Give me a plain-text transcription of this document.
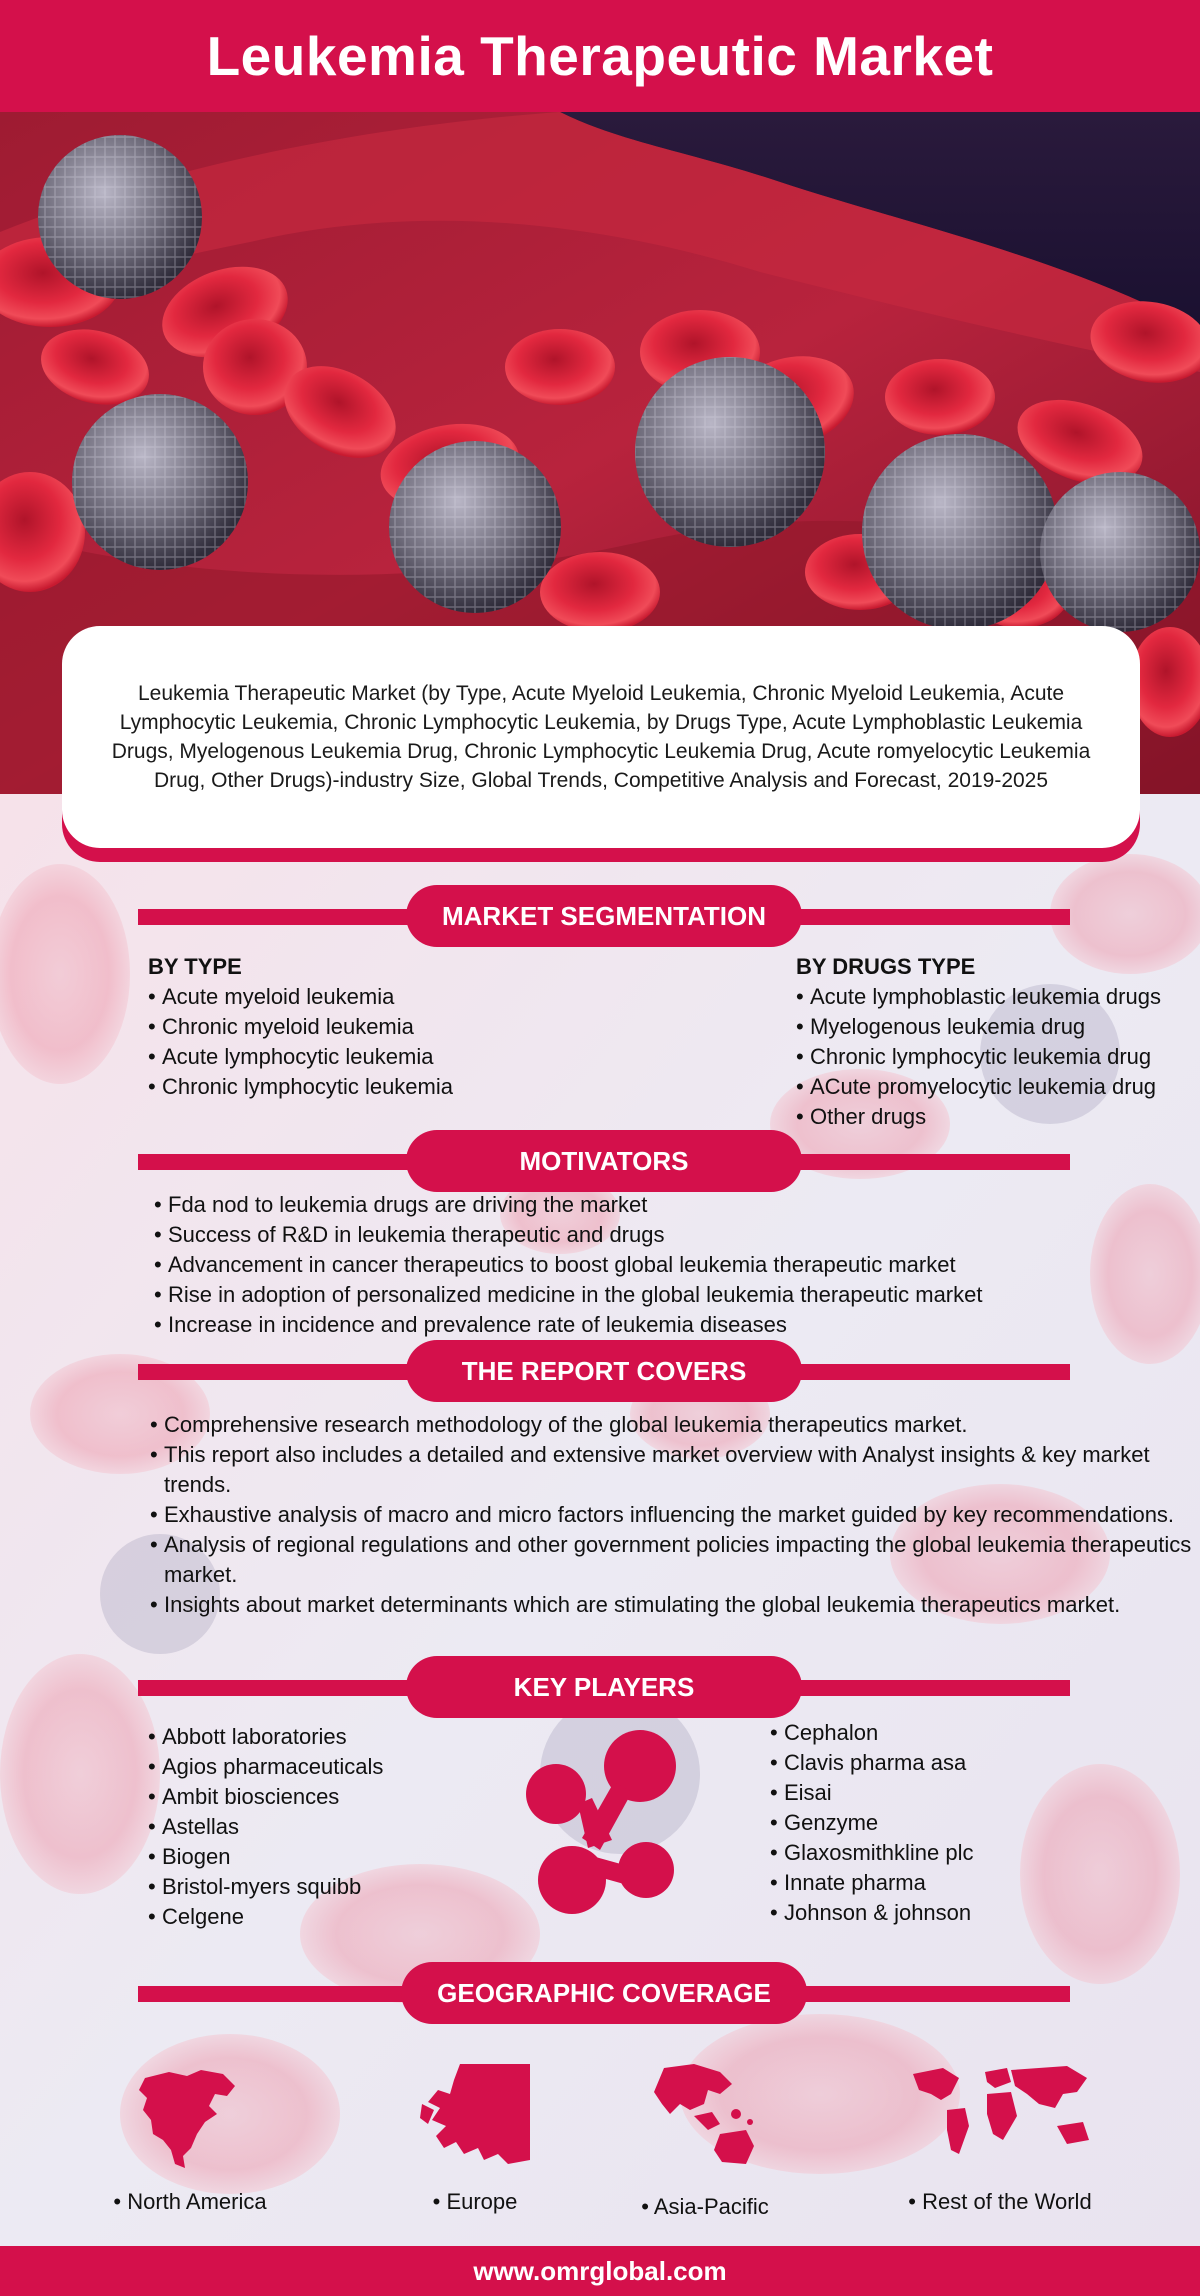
Leukemia Therapeutic Market

Leukemia Therapeutic Market (by Type, Acute Myeloid Leukemia, Chronic Myeloid Leukemia, Acute Lymphocytic Leukemia, Chronic Lymphocytic Leukemia, by Drugs Type, Acute Lymphoblastic Leukemia Drugs, Myelogenous Leukemia Drug, Chronic Lymphocytic Leukemia Drug, Acute romyelocytic Leukemia Drug, Other Drugs)-industry Size, Global Trends, Competitive Analysis and Forecast, 2019-2025

MARKET SEGMENTATION
BY TYPE
• Acute myeloid leukemia
• Chronic myeloid leukemia
• Acute lymphocytic leukemia
• Chronic lymphocytic leukemia
BY DRUGS TYPE
• Acute lymphoblastic leukemia drugs
• Myelogenous leukemia drug
• Chronic lymphocytic leukemia drug
• ACute promyelocytic leukemia drug
• Other drugs
MOTIVATORS
• Fda nod to leukemia drugs are driving the market
• Success of R&D in leukemia therapeutic and drugs
• Advancement in cancer therapeutics to boost global leukemia therapeutic market
• Rise in adoption of personalized medicine in the global leukemia therapeutic market
• Increase in incidence and prevalence rate of leukemia diseases
THE REPORT COVERS
• Comprehensive research methodology of the global leukemia therapeutics market.
• This report also includes a detailed and extensive market overview with Analyst insights & key market trends.
• Exhaustive analysis of macro and micro factors influencing the market guided by key recommendations.
• Analysis of regional regulations and other government policies impacting the global leukemia therapeutics market.
• Insights about market determinants which are stimulating the global leukemia therapeutics market.
KEY PLAYERS
• Abbott laboratories
• Agios pharmaceuticals
• Ambit biosciences
• Astellas
• Biogen
• Bristol-myers squibb
• Celgene
• Cephalon
• Clavis pharma asa
• Eisai
• Genzyme
• Glaxosmithkline plc
• Innate pharma
• Johnson & johnson
GEOGRAPHIC COVERAGE
• North America	• Europe	• Asia-Pacific	• Rest of the World
www.omrglobal.com
